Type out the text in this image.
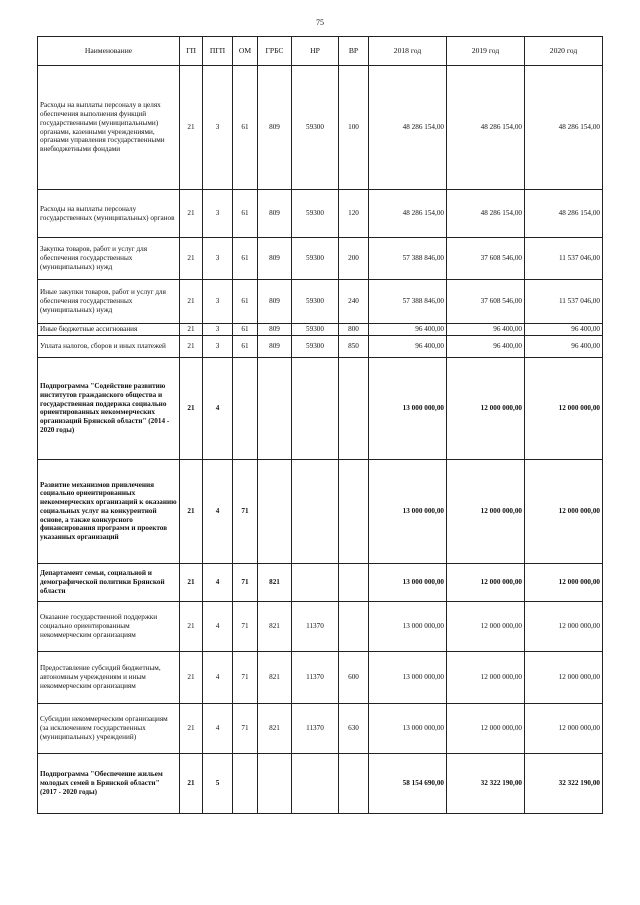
75
Наименование	ГП	ПГП	ОМ	ГРБС	НР	ВР	2018 год	2019 год	2020 год
Расходы на выплаты персоналу в целях обеспечения выполнения функций государственными (муниципальными) органами, казенными учреждениями, органами управления государственными внебюджетными фондами	21	3	61	809	59300	100	48 286 154,00	48 286 154,00	48 286 154,00
Расходы на выплаты персоналу государственных (муниципальных) органов	21	3	61	809	59300	120	48 286 154,00	48 286 154,00	48 286 154,00
Закупка товаров, работ и услуг для обеспечения государственных (муниципальных) нужд	21	3	61	809	59300	200	57 388 846,00	37 608 546,00	11 537 046,00
Иные закупки товаров, работ и услуг для обеспечения государственных (муниципальных) нужд	21	3	61	809	59300	240	57 388 846,00	37 608 546,00	11 537 046,00
Иные бюджетные ассигнования	21	3	61	809	59300	800	96 400,00	96 400,00	96 400,00
Уплата налогов, сборов и иных платежей	21	3	61	809	59300	850	96 400,00	96 400,00	96 400,00
Подпрограмма "Содействие развитию институтов гражданского общества и государственная поддержка социально ориентированных некоммерческих организаций Брянской области" (2014 - 2020 годы)	21	4					13 000 000,00	12 000 000,00	12 000 000,00
Развитие механизмов привлечения социально ориентированных некоммерческих организаций к оказанию социальных услуг на конкурентной основе, а также конкурсного финансирования программ и проектов указанных организаций	21	4	71				13 000 000,00	12 000 000,00	12 000 000,00
Департамент семьи, социальной и демографической политики Брянской области	21	4	71	821			13 000 000,00	12 000 000,00	12 000 000,00
Оказание государственной поддержки социально ориентированным некоммерческим организациям	21	4	71	821	11370		13 000 000,00	12 000 000,00	12 000 000,00
Предоставление субсидий бюджетным, автономным учреждениям и иным некоммерческим организациям	21	4	71	821	11370	600	13 000 000,00	12 000 000,00	12 000 000,00
Субсидии некоммерческим организациям (за исключением государственных (муниципальных) учреждений)	21	4	71	821	11370	630	13 000 000,00	12 000 000,00	12 000 000,00
Подпрограмма "Обеспечение жильем молодых семей в Брянской области" (2017 - 2020 годы)	21	5					58 154 690,00	32 322 190,00	32 322 190,00
